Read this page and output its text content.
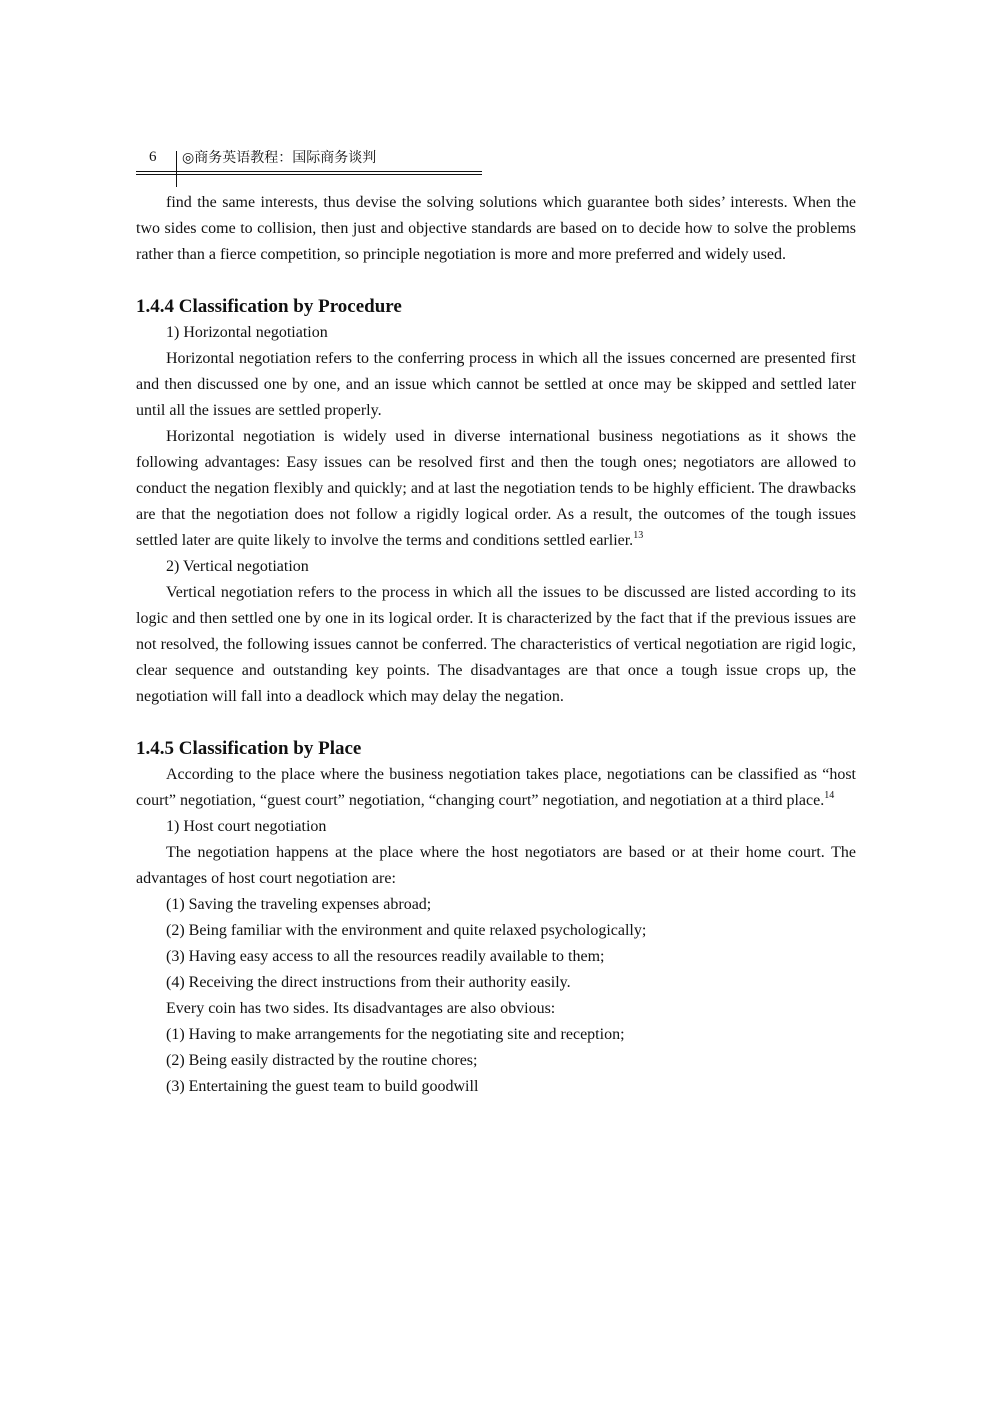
6 ◎商务英语教程：国际商务谈判

find the same interests, thus devise the solving solutions which guarantee both sides’ interests. When the two sides come to collision, then just and objective standards are based on to decide how to solve the problems rather than a fierce competition, so principle negotiation is more and more preferred and widely used.

1.4.4 Classification by Procedure

1) Horizontal negotiation

Horizontal negotiation refers to the conferring process in which all the issues concerned are presented first and then discussed one by one, and an issue which cannot be settled at once may be skipped and settled later until all the issues are settled properly.

Horizontal negotiation is widely used in diverse international business negotiations as it shows the following advantages: Easy issues can be resolved first and then the tough ones; negotiators are allowed to conduct the negation flexibly and quickly; and at last the negotiation tends to be highly efficient. The drawbacks are that the negotiation does not follow a rigidly logical order. As a result, the outcomes of the tough issues settled later are quite likely to involve the terms and conditions settled earlier.$^{13}$

2) Vertical negotiation

Vertical negotiation refers to the process in which all the issues to be discussed are listed according to its logic and then settled one by one in its logical order. It is characterized by the fact that if the previous issues are not resolved, the following issues cannot be conferred. The characteristics of vertical negotiation are rigid logic, clear sequence and outstanding key points. The disadvantages are that once a tough issue crops up, the negotiation will fall into a deadlock which may delay the negation.

1.4.5 Classification by Place

According to the place where the business negotiation takes place, negotiations can be classified as “host court” negotiation, “guest court” negotiation, “changing court” negotiation, and negotiation at a third place.$^{14}$

1) Host court negotiation

The negotiation happens at the place where the host negotiators are based or at their home court. The advantages of host court negotiation are:

(1) Saving the traveling expenses abroad;

(2) Being familiar with the environment and quite relaxed psychologically;

(3) Having easy access to all the resources readily available to them;

(4) Receiving the direct instructions from their authority easily.

Every coin has two sides. Its disadvantages are also obvious:

(1) Having to make arrangements for the negotiating site and reception;

(2) Being easily distracted by the routine chores;

(3) Entertaining the guest team to build goodwill
